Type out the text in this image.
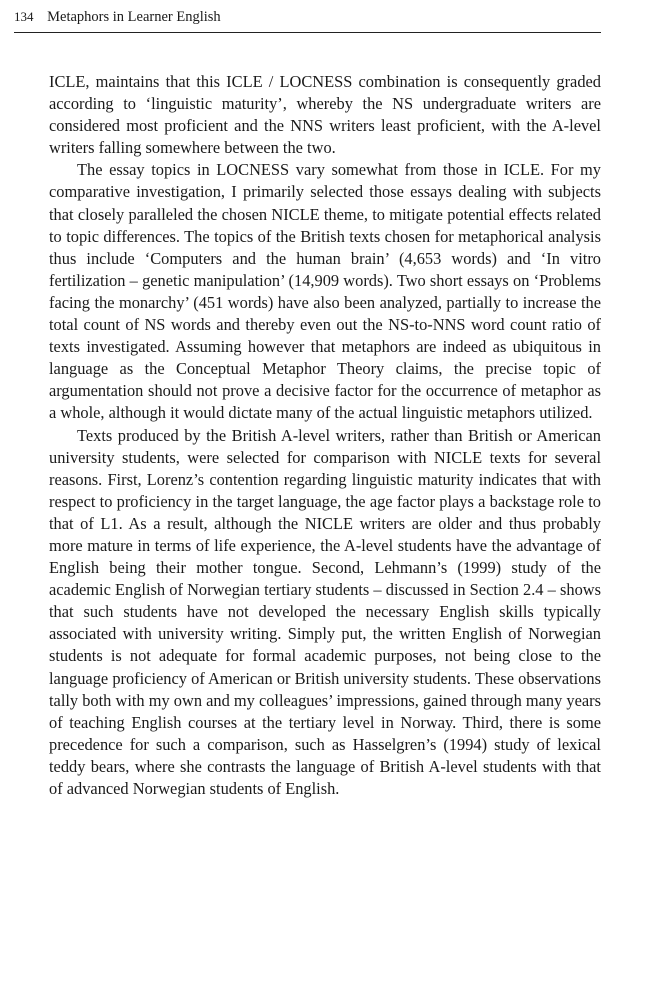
134 Metaphors in Learner English

ICLE, maintains that this ICLE / LOCNESS combination is consequently graded according to ‘linguistic maturity’, whereby the NS undergraduate writers are considered most proficient and the NNS writers least proficient, with the A-level writers falling somewhere between the two.

The essay topics in LOCNESS vary somewhat from those in ICLE. For my comparative investigation, I primarily selected those essays dealing with subjects that closely paralleled the chosen NICLE theme, to mitigate potential effects related to topic differences. The topics of the British texts chosen for metaphorical analysis thus include ‘Computers and the human brain’ (4,653 words) and ‘In vitro fertilization – genetic manipulation’ (14,909 words). Two short essays on ‘Problems facing the monarchy’ (451 words) have also been analyzed, partially to increase the total count of NS words and thereby even out the NS-to-NNS word count ratio of texts investigated. Assuming however that metaphors are indeed as ubiquitous in language as the Conceptual Metaphor Theory claims, the precise topic of argumentation should not prove a decisive factor for the occurrence of metaphor as a whole, although it would dictate many of the actual linguistic metaphors utilized.

Texts produced by the British A-level writers, rather than British or American university students, were selected for comparison with NICLE texts for several reasons. First, Lorenz’s contention regarding linguistic maturity indicates that with respect to proficiency in the target language, the age factor plays a backstage role to that of L1. As a result, although the NICLE writers are older and thus probably more mature in terms of life experience, the A-level students have the advantage of English being their mother tongue. Second, Lehmann’s (1999) study of the academic English of Norwegian tertiary students – discussed in Section 2.4 – shows that such students have not developed the necessary English skills typically associated with university writing. Simply put, the written English of Norwegian students is not adequate for formal academic purposes, not being close to the language proficiency of American or British university students. These observations tally both with my own and my colleagues’ impressions, gained through many years of teaching English courses at the tertiary level in Norway. Third, there is some precedence for such a comparison, such as Hasselgren’s (1994) study of lexical teddy bears, where she contrasts the language of British A-level students with that of advanced Norwegian students of English.
